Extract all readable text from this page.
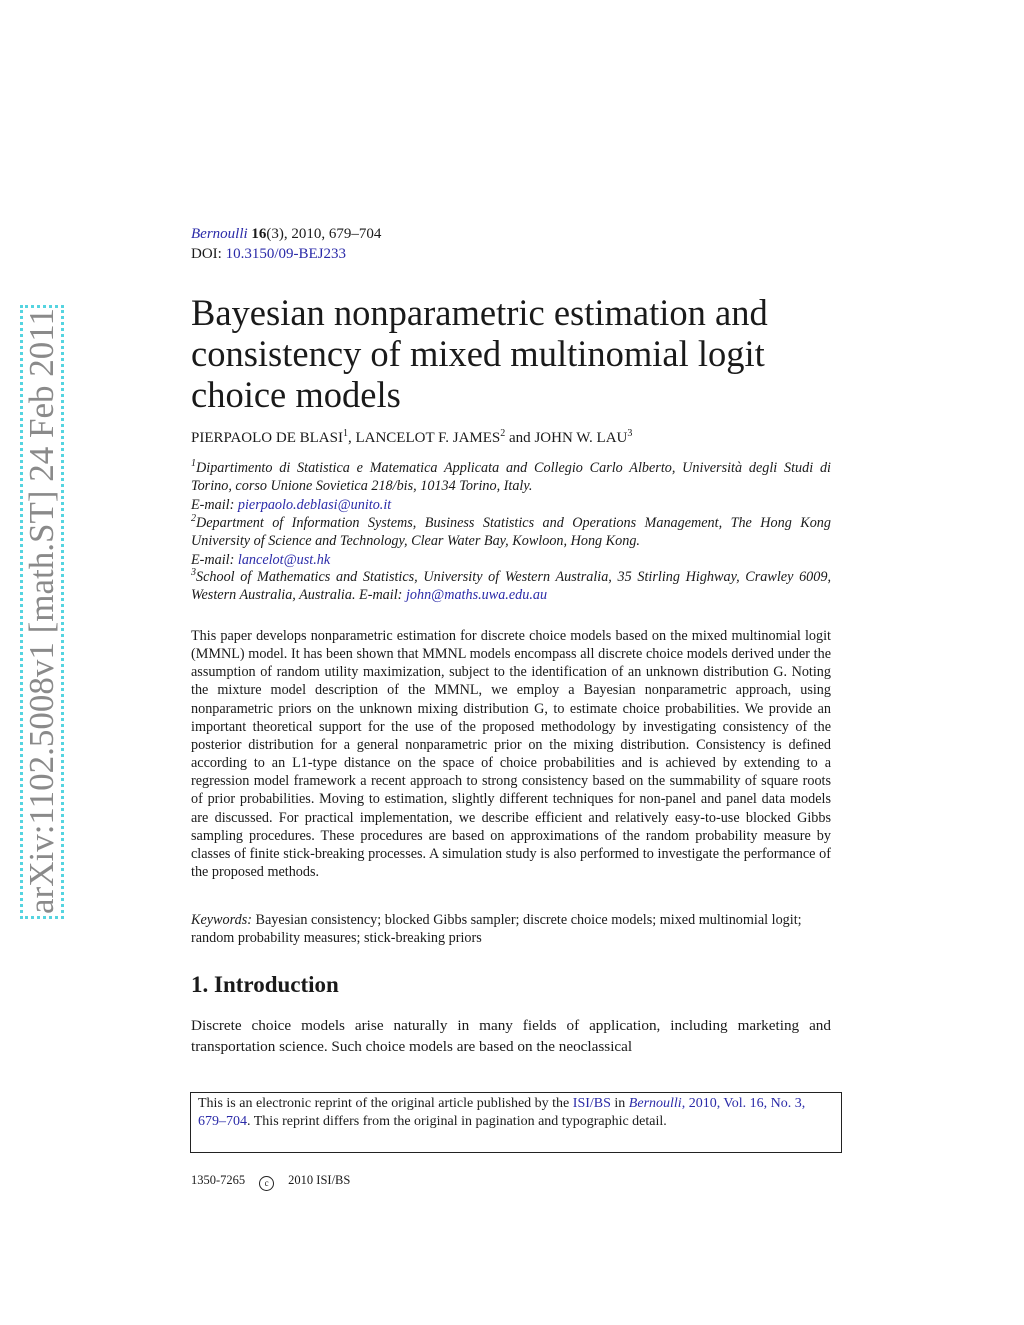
arXiv:1102.5008v1 [math.ST] 24 Feb 2011
Bernoulli 16(3), 2010, 679–704
DOI: 10.3150/09-BEJ233
Bayesian nonparametric estimation and consistency of mixed multinomial logit choice models
PIERPAOLO DE BLASI$^1$, LANCELOT F. JAMES$^2$ and JOHN W. LAU$^3$
$^1$Dipartimento di Statistica e Matematica Applicata and Collegio Carlo Alberto, Università degli Studi di Torino, corso Unione Sovietica 218/bis, 10134 Torino, Italy.
E-mail: pierpaolo.deblasi@unito.it
$^2$Department of Information Systems, Business Statistics and Operations Management, The Hong Kong University of Science and Technology, Clear Water Bay, Kowloon, Hong Kong.
E-mail: lancelot@ust.hk
$^3$School of Mathematics and Statistics, University of Western Australia, 35 Stirling Highway, Crawley 6009, Western Australia, Australia. E-mail: john@maths.uwa.edu.au

This paper develops nonparametric estimation for discrete choice models based on the mixed multinomial logit (MMNL) model. It has been shown that MMNL models encompass all discrete choice models derived under the assumption of random utility maximization, subject to the identification of an unknown distribution G. Noting the mixture model description of the MMNL, we employ a Bayesian nonparametric approach, using nonparametric priors on the unknown mixing distribution G, to estimate choice probabilities. We provide an important theoretical support for the use of the proposed methodology by investigating consistency of the posterior distribution for a general nonparametric prior on the mixing distribution. Consistency is defined according to an L1-type distance on the space of choice probabilities and is achieved by extending to a regression model framework a recent approach to strong consistency based on the summability of square roots of prior probabilities. Moving to estimation, slightly different techniques for non-panel and panel data models are discussed. For practical implementation, we describe efficient and relatively easy-to-use blocked Gibbs sampling procedures. These procedures are based on approximations of the random probability measure by classes of finite stick-breaking processes. A simulation study is also performed to investigate the performance of the proposed methods.

Keywords: Bayesian consistency; blocked Gibbs sampler; discrete choice models; mixed multinomial logit; random probability measures; stick-breaking priors

1. Introduction

Discrete choice models arise naturally in many fields of application, including marketing and transportation science. Such choice models are based on the neoclassical

This is an electronic reprint of the original article published by the ISI/BS in Bernoulli, 2010, Vol. 16, No. 3, 679–704. This reprint differs from the original in pagination and typographic detail.
1350-7265 c 2010 ISI/BS
